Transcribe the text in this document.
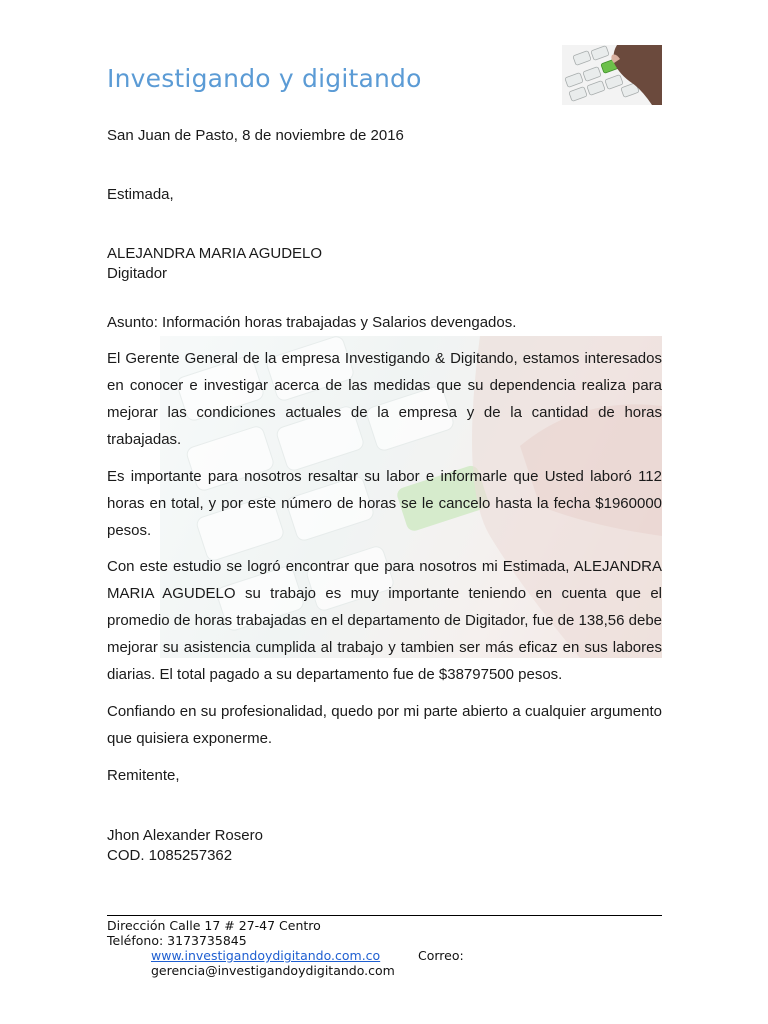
Investigando y digitando
San Juan de Pasto, 8 de noviembre de 2016
Estimada,
ALEJANDRA MARIA AGUDELO
Digitador
Asunto: Información horas trabajadas y Salarios devengados.

El Gerente General de la empresa Investigando & Digitando, estamos interesados en conocer e investigar acerca de las medidas que su dependencia realiza para mejorar las condiciones actuales de la empresa y de la cantidad de horas trabajadas.

Es importante para nosotros resaltar su labor e informarle que Usted laboró 112 horas en total, y por este número de horas se le cancelo hasta la fecha $1960000 pesos.

Con este estudio se logró encontrar que para nosotros mi Estimada, ALEJANDRA MARIA AGUDELO su trabajo es muy importante teniendo en cuenta que el promedio de horas trabajadas en el departamento de Digitador, fue de 138,56 debe mejorar su asistencia cumplida al trabajo y tambien ser más eficaz en sus labores diarias. El total pagado a su departamento fue de $38797500 pesos.

Confiando en su profesionalidad, quedo por mi parte abierto a cualquier argumento que quisiera exponerme.

Remitente,
Jhon Alexander Rosero
COD. 1085257362
Dirección Calle 17 # 27-47 Centro
Teléfono: 3173735845
www.investigandoydigitando.com.co	Correo:
gerencia@investigandoydigitando.com
